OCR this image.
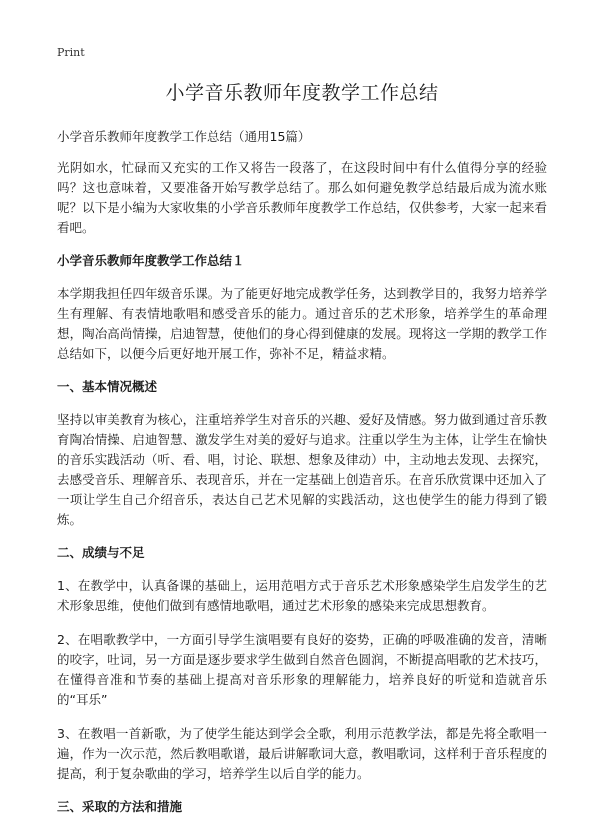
Print
小学音乐教师年度教学工作总结
小学音乐教师年度教学工作总结（通用15篇）

光阴如水，忙碌而又充实的工作又将告一段落了，在这段时间中有什么值得分享的经验吗？这也意味着，又要准备开始写教学总结了。那么如何避免教学总结最后成为流水账呢？以下是小编为大家收集的小学音乐教师年度教学工作总结，仅供参考，大家一起来看看吧。

小学音乐教师年度教学工作总结１

本学期我担任四年级音乐课。为了能更好地完成教学任务，达到教学目的，我努力培养学生有理解、有表情地歌唱和感受音乐的能力。通过音乐的艺术形象，培养学生的革命理想，陶冶高尚情操，启迪智慧，使他们的身心得到健康的发展。现将这一学期的教学工作总结如下，以便今后更好地开展工作，弥补不足，精益求精。

一、基本情况概述

坚持以审美教育为核心，注重培养学生对音乐的兴趣、爱好及情感。努力做到通过音乐教育陶冶情操、启迪智慧、激发学生对美的爱好与追求。注重以学生为主体，让学生在愉快的音乐实践活动（听、看、唱，讨论、联想、想象及律动）中，主动地去发现、去探究，去感受音乐、理解音乐、表现音乐，并在一定基础上创造音乐。在音乐欣赏课中还加入了一项让学生自己介绍音乐，表达自己艺术见解的实践活动，这也使学生的能力得到了锻炼。

二、成绩与不足

1、在教学中，认真备课的基础上，运用范唱方式于音乐艺术形象感染学生启发学生的艺术形象思维，使他们做到有感情地歌唱，通过艺术形象的感染来完成思想教育。

2、在唱歌教学中，一方面引导学生演唱要有良好的姿势，正确的呼吸准确的发音，清晰的咬字，吐词，另一方面是逐步要求学生做到自然音色圆润，不断提高唱歌的艺术技巧，在懂得音准和节奏的基础上提高对音乐形象的理解能力，培养良好的听觉和造就音乐的“耳乐”

3、在教唱一首新歌，为了使学生能达到学会全歌，利用示范教学法，都是先将全歌唱一遍，作为一次示范，然后教唱歌谱，最后讲解歌词大意，教唱歌词，这样利于音乐程度的提高，利于复杂歌曲的学习，培养学生以后自学的能力。

三、采取的方法和措施
